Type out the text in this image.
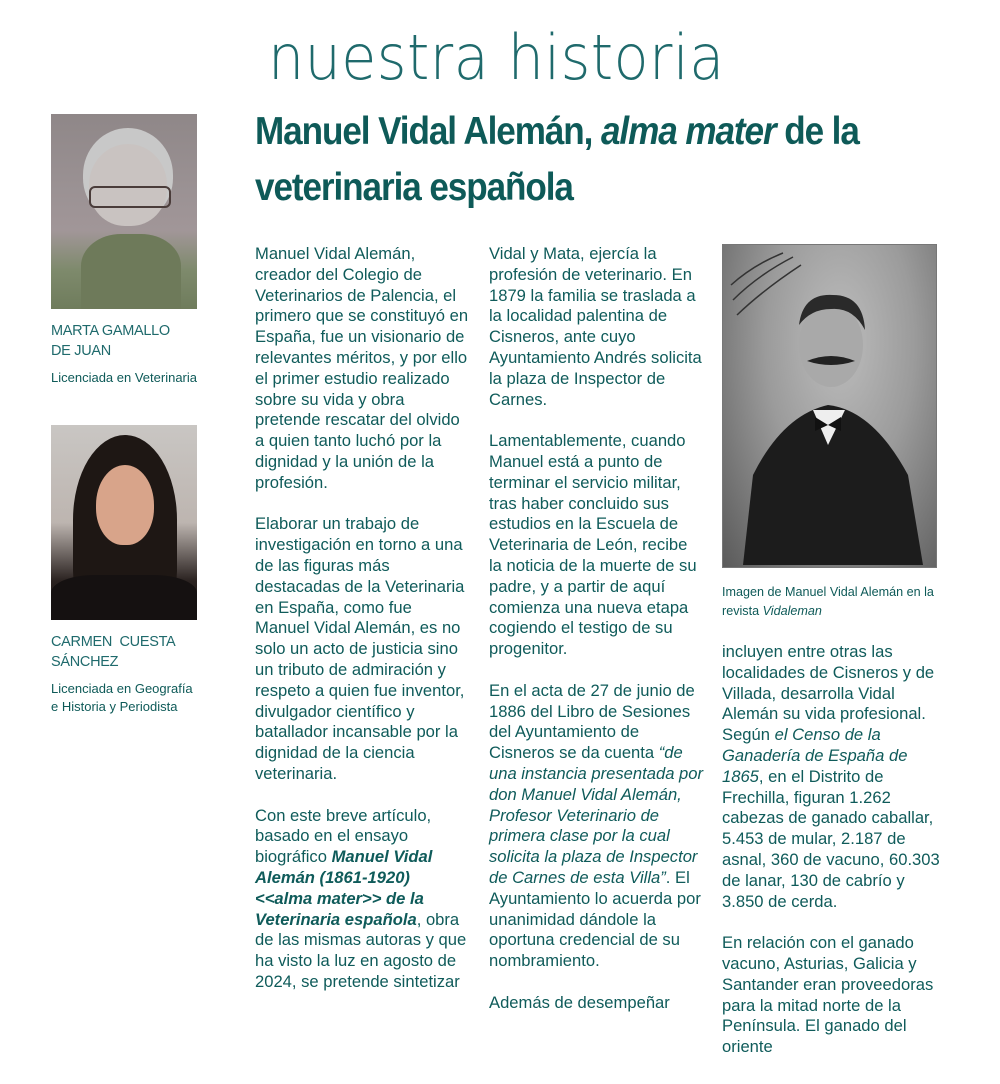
nuestra historia
Manuel Vidal Alemán, alma mater de la veterinaria española
MARTA GAMALLO
DE JUAN
Licenciada en Veterinaria
CARMEN  CUESTA
SÁNCHEZ
Licenciada en Geografía
e Historia y Periodista

Manuel Vidal Alemán, creador del Colegio de Veterinarios de Palencia, el primero que se constituyó en España, fue un visionario de relevantes méritos, y por ello el primer estudio realizado sobre su vida y obra pretende rescatar del olvido a quien tanto luchó por la dignidad y la unión de la profesión.

Elaborar un trabajo de investigación en torno a una de las figuras más destacadas de la Veterinaria en España, como fue Manuel Vidal Alemán, es no solo un acto de justicia sino un tributo de admiración y respeto a quien fue inventor, divulgador científico y batallador incansable por la dignidad de la ciencia veterinaria.

Con este breve artículo, basado en el ensayo biográfico Manuel Vidal Alemán (1861-1920) <<alma mater>> de la Veterinaria española, obra de las mismas autoras y que ha visto la luz en agosto de 2024, se pretende sintetizar

Vidal y Mata, ejercía la profesión de veterinario. En 1879 la familia se traslada a la localidad palentina de Cisneros, ante cuyo Ayuntamiento Andrés solicita la plaza de Inspector de Carnes.

Lamentablemente, cuando Manuel está a punto de terminar el servicio militar, tras haber concluido sus estudios en la Escuela de Veterinaria de León, recibe la noticia de la muerte de su padre, y a partir de aquí comienza una nueva etapa cogiendo el testigo de su progenitor.

En el acta de 27 de junio de 1886 del Libro de Sesiones del Ayuntamiento de Cisneros se da cuenta “de una instancia presentada por don Manuel Vidal Alemán, Profesor Veterinario de primera clase por la cual solicita la plaza de Inspector de Carnes de esta Villa”. El Ayuntamiento lo acuerda por unanimidad dándole la oportuna credencial de su nombramiento.

Además de desempeñar

Imagen de Manuel Vidal Alemán en la revista Vidaleman

incluyen entre otras las localidades de Cisneros y de Villada, desarrolla Vidal Alemán su vida profesional. Según el Censo de la Ganadería de España de 1865, en el Distrito de Frechilla, figuran 1.262 cabezas de ganado caballar, 5.453 de mular, 2.187 de asnal, 360 de vacuno, 60.303 de lanar, 130 de cabrío y 3.850 de cerda.

En relación con el ganado vacuno, Asturias, Galicia y Santander eran proveedoras para la mitad norte de la Península. El ganado del oriente
